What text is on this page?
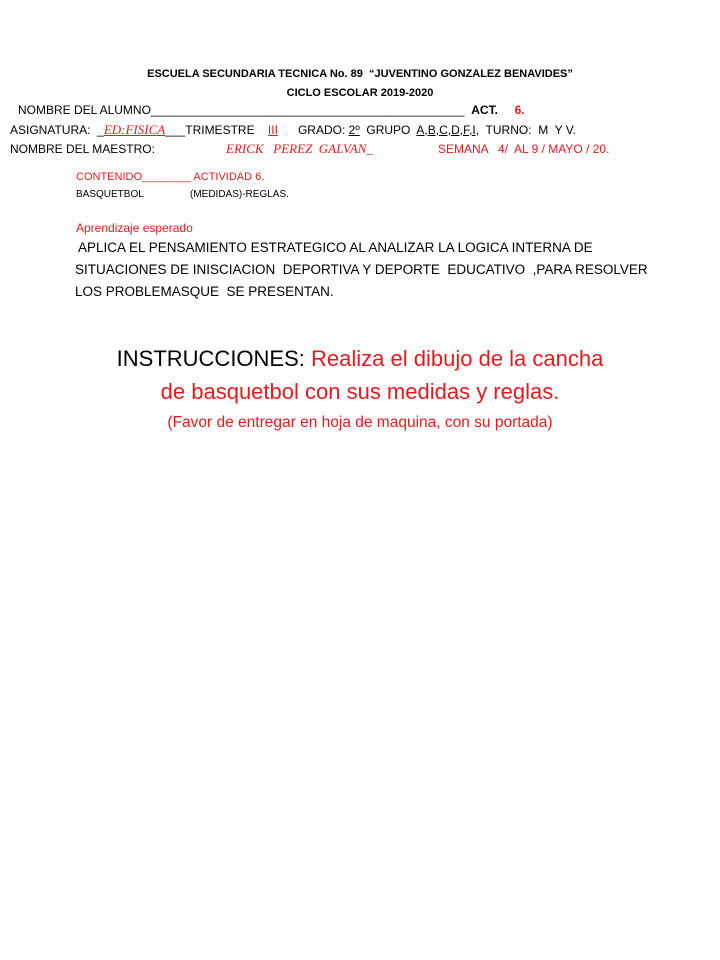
ESCUELA SECUNDARIA TECNICA No. 89  “JUVENTINO GONZALEZ BENAVIDES”
CICLO ESCOLAR 2019-2020
NOMBRE DEL ALUMNO_______________________________________________ ACT. 6.
ASIGNATURA: _ED:FISICA___TRIMESTRE III GRADO: 2º GRUPO A,B,C,D,F,I, TURNO:  M  Y V.
NOMBRE DEL MAESTRO:	ERICK   PEREZ  GALVAN_	SEMANA   4/  AL 9 / MAYO / 20.
CONTENIDO________ ACTIVIDAD 6.
BASQUETBOL	(MEDIDAS)-REGLAS.
Aprendizaje esperado
APLICA EL PENSAMIENTO ESTRATEGICO AL ANALIZAR LA LOGICA INTERNA DE
SITUACIONES DE INISCIACION  DEPORTIVA Y DEPORTE  EDUCATIVO  ,PARA RESOLVER
LOS PROBLEMASQUE  SE PRESENTAN.
INSTRUCCIONES: Realiza el dibujo de la cancha
de basquetbol con sus medidas y reglas.
(Favor de entregar en hoja de maquina, con su portada)
